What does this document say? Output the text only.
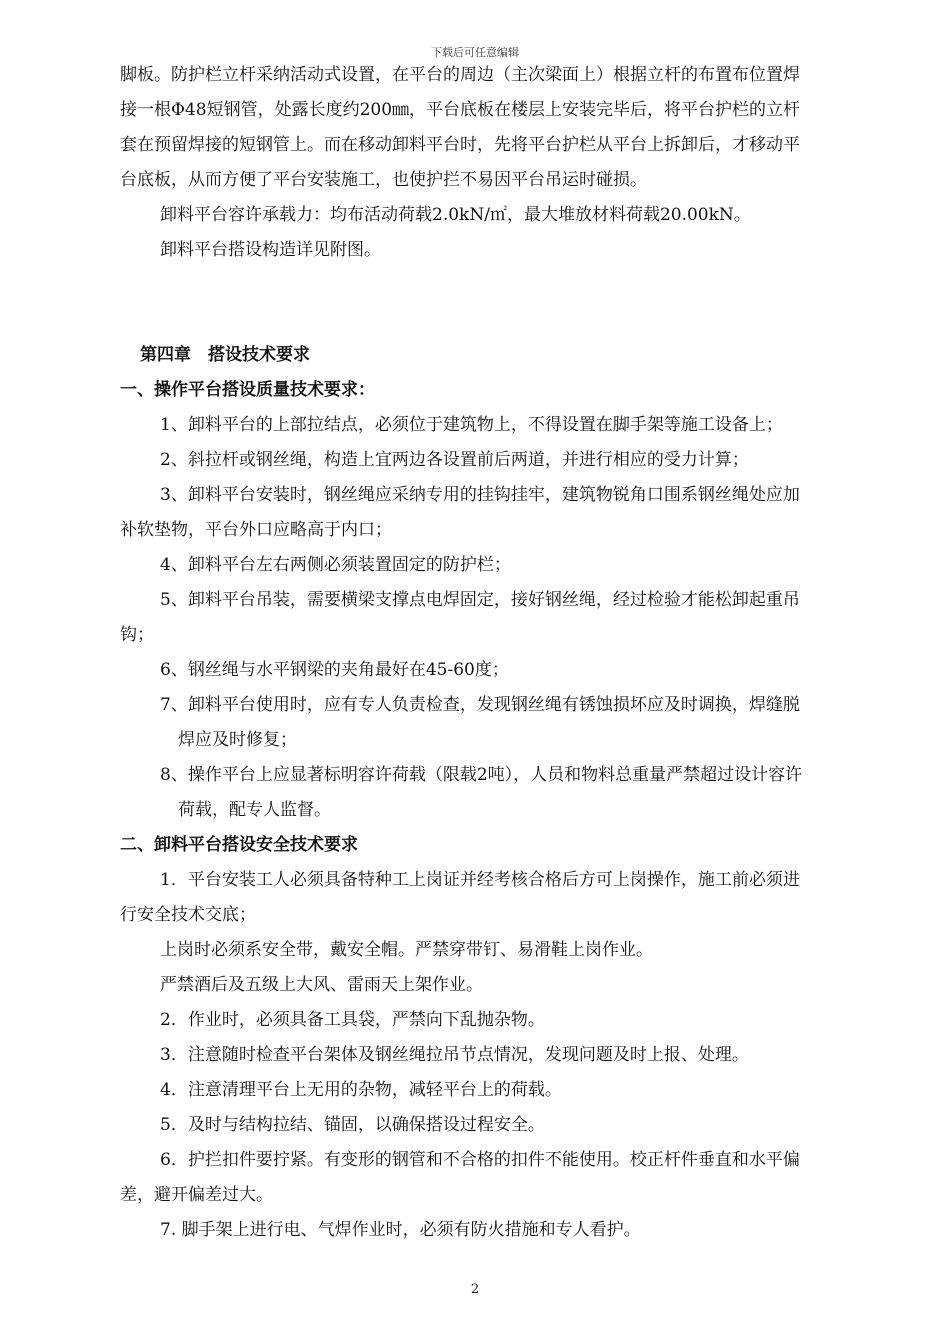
下载后可任意编辑
脚板。防护栏立杆采纳活动式设置，在平台的周边（主次梁面上）根据立杆的布置布位置焊
接一根Φ48短钢管，处露长度约200㎜，平台底板在楼层上安装完毕后，将平台护栏的立杆
套在预留焊接的短钢管上。而在移动卸料平台时，先将平台护栏从平台上拆卸后，才移动平
台底板，从而方便了平台安装施工，也使护拦不易因平台吊运时碰损。
卸料平台容许承载力：均布活动荷载2.0kN/㎡，最大堆放材料荷载20.00kN。
卸料平台搭设构造详见附图。
第四章　搭设技术要求
一、操作平台搭设质量技术要求：
1、卸料平台的上部拉结点，必须位于建筑物上，不得设置在脚手架等施工设备上；
2、斜拉杆或钢丝绳，构造上宜两边各设置前后两道，并进行相应的受力计算；
3、卸料平台安装时，钢丝绳应采纳专用的挂钩挂牢，建筑物锐角口围系钢丝绳处应加
补软垫物，平台外口应略高于内口；
4、卸料平台左右两侧必须装置固定的防护栏；
5、卸料平台吊装，需要横梁支撑点电焊固定，接好钢丝绳，经过检验才能松卸起重吊
钩；
6、钢丝绳与水平钢梁的夹角最好在45-60度；
7、卸料平台使用时，应有专人负责检查，发现钢丝绳有锈蚀损坏应及时调换，焊缝脱
焊应及时修复；
8、操作平台上应显著标明容许荷载（限载2吨），人员和物料总重量严禁超过设计容许
荷载，配专人监督。
二、卸料平台搭设安全技术要求
1．平台安装工人必须具备特种工上岗证并经考核合格后方可上岗操作，施工前必须进
行安全技术交底；
上岗时必须系安全带，戴安全帽。严禁穿带钉、易滑鞋上岗作业。
严禁酒后及五级上大风、雷雨天上架作业。
2．作业时，必须具备工具袋，严禁向下乱抛杂物。
3．注意随时检查平台架体及钢丝绳拉吊节点情况，发现问题及时上报、处理。
4．注意清理平台上无用的杂物，减轻平台上的荷载。
5．及时与结构拉结、锚固，以确保搭设过程安全。
6．护拦扣件要拧紧。有变形的钢管和不合格的扣件不能使用。校正杆件垂直和水平偏
差，避开偏差过大。
7. 脚手架上进行电、气焊作业时，必须有防火措施和专人看护。
2
